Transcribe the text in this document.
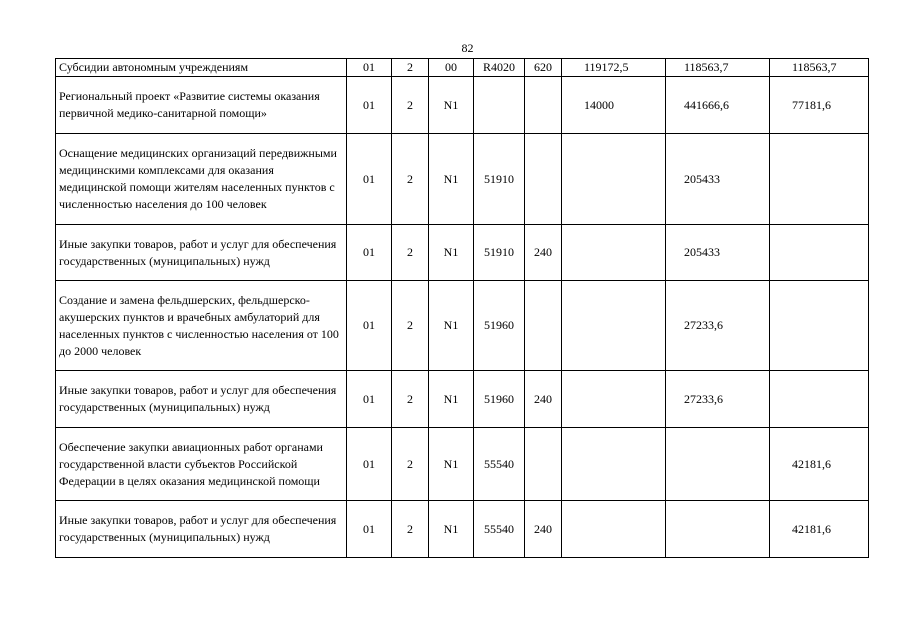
82
Субсидии автономным учреждениям	01	2	00	R4020	620	119172,5	118563,7	118563,7
Региональный проект «Развитие системы оказания первичной медико-санитарной помощи»	01	2	N1			14000	441666,6	77181,6
Оснащение медицинских организаций передвижными медицинскими комплексами для оказания медицинской помощи жителям населенных пунктов с численностью населения до 100 человек	01	2	N1	51910			205433	
Иные закупки товаров, работ и услуг для обеспечения государственных (муниципальных) нужд	01	2	N1	51910	240		205433	
Создание и замена фельдшерских, фельдшерско-акушерских пунктов и врачебных амбулаторий для населенных пунктов с численностью населения от 100 до 2000 человек	01	2	N1	51960			27233,6	
Иные закупки товаров, работ и услуг для обеспечения государственных (муниципальных) нужд	01	2	N1	51960	240		27233,6	
Обеспечение закупки авиационных работ органами государственной власти субъектов Российской Федерации в целях оказания медицинской помощи	01	2	N1	55540				42181,6
Иные закупки товаров, работ и услуг для обеспечения государственных (муниципальных) нужд	01	2	N1	55540	240			42181,6
